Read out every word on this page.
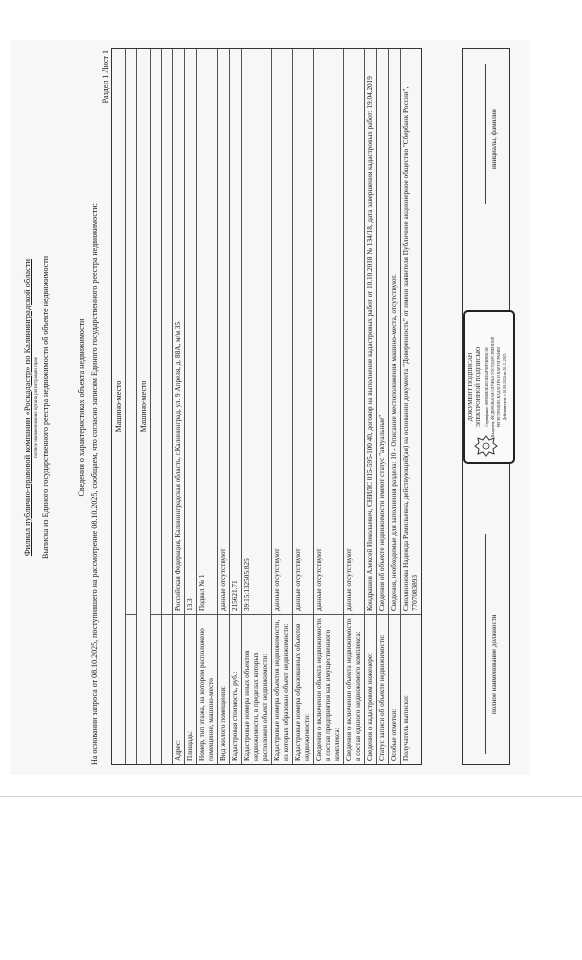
Филиал публично-правовой компании «Роскадастр» по Калининградской области полное наименование органа регистрации прав Выписка из Единого государственного реестра недвижимости об объекте недвижимости	Сведения о характеристиках объекта недвижимости На основании запроса от 08.10.2025, поступившего на рассмотрение 08.10.2025, сообщаем, что согласно записям Единого государственного реестра недвижимости:
Раздел 1 Лист 1
Машино-место Машино-место
Адрес:
Российская Федерация, Калининградская область, г.Калининград, ул. 9 Апреля, д. 88А, м/м 35
Площадь:
13.3
Номер, тип этажа, на котором расположено помещение, машино-место
Подвал № 1
Вид жилого помещения:
данные отсутствуют
Кадастровая стоимость, руб.:
215621.71
Кадастровые номера иных объектов недвижимости, в пределах которых расположен объект недвижимости:
39:15:132505:825
Кадастровые номера объектов недвижимости, из которых образован объект недвижимости:
данные отсутствуют
Кадастровые номера образованных объектов недвижимости:
данные отсутствуют
Сведения о включении объекта недвижимости в состав предприятия как имущественного комплекса:
данные отсутствуют
Сведения о включении объекта недвижимости в состав единого недвижимого комплекса:
данные отсутствуют
Сведения о кадастровом инженере:
Кондрашов Алексей Николаевич, СНИЛС 015-595-100 40, договор на выполнение кадастровых работ от 10.10.2018 № 134/18, дата завершения кадастровых работ: 19.04.2019
Статус записи об объекте недвижимости:
Сведения об объекте недвижимости имеют статус "актуальные"
Особые отметки:
Сведения, необходимые для заполнения раздела: 10 - Описание местоположения машино-места, отсутствуют.
Получатель выписки:
Смолянинова Надежда Рамильевна, действующий(ая) на основании документа "Доверенность" от имени заявителя Публичное акционерное общество "Сбербанк России", 7707083893
полное наименование должности
ДОКУМЕНТ ПОДПИСАН ЭЛЕКТРОННОЙ ПОДПИСЬЮ Сертификат: 0095B8E3E4653EB4F98F5B9E8C08 Владелец: ФЕДЕРАЛЬНАЯ СЛУЖБА ГОСУДАРСТВЕННОЙ РЕГИСТРАЦИИ, КАДАСТРА И КАРТОГРАФИИ Действителен: с 02.09.2024 по 26.11.2025
инициалы, фамилия
